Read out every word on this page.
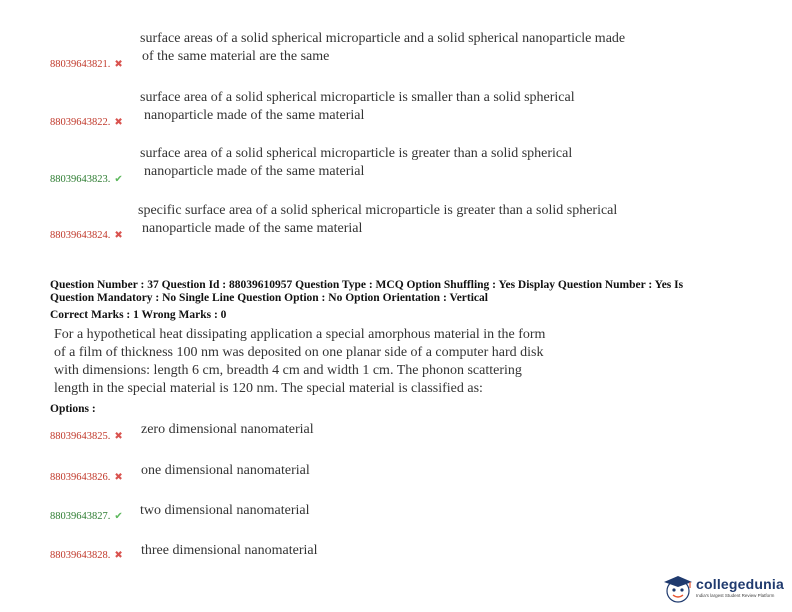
surface areas of a solid spherical microparticle and a solid spherical nanoparticle made
of the same material are the same
88039643821. ✖
surface area of a solid spherical microparticle is smaller than a solid spherical
nanoparticle made of the same material
88039643822. ✖
surface area of a solid spherical microparticle is greater than a solid spherical
nanoparticle made of the same material
88039643823. ✔
specific surface area of a solid spherical microparticle is greater than a solid spherical
nanoparticle made of the same material
88039643824. ✖
Question Number : 37 Question Id : 88039610957 Question Type : MCQ Option Shuffling : Yes Display Question Number : Yes Is
Question Mandatory : No Single Line Question Option : No Option Orientation : Vertical
Correct Marks : 1 Wrong Marks : 0
For a hypothetical heat dissipating application a special amorphous material in the form
of a film of thickness 100 nm was deposited on one planar side of a computer hard disk
with dimensions: length 6 cm, breadth 4 cm and width 1 cm. The phonon scattering
length in the special material is 120 nm. The special material is classified as:
Options :
zero dimensional nanomaterial
88039643825. ✖
one dimensional nanomaterial
88039643826. ✖
two dimensional nanomaterial
88039643827. ✔
three dimensional nanomaterial
88039643828. ✖
collegedunia
India's largest Student Review Platform
